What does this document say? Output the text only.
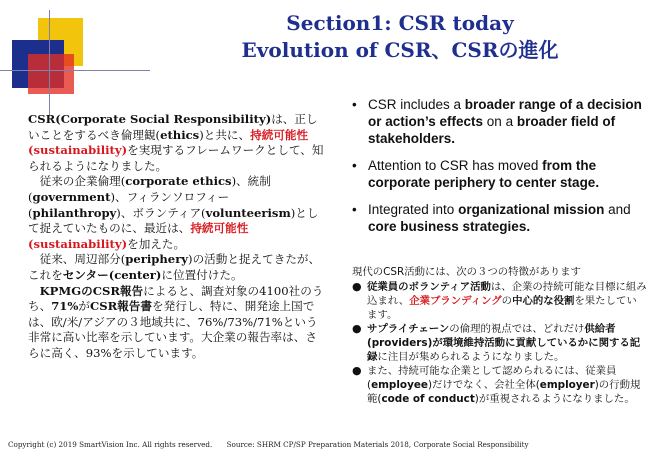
Section1: CSR today
Evolution of CSR、CSRの進化

CSR(Corporate Social Responsibility)は、正しいことをするべき倫理観(ethics)と共に、持続可能性(sustainability)を実現するフレームワークとして、知られるようになりました。

　従来の企業倫理(corporate ethics)、統制(government)、フィランソロフィー(philanthropy)、ボランティア(volunteerism)として捉えていたものに、最近は、持続可能性(sustainability)を加えた。

　従来、周辺部分(periphery)の活動と捉えてきたが、これをセンター(center)に位置付けた。

　KPMGのCSR報告によると、調査対象の4100社のうち、71%がCSR報告書を発行し、特に、開発途上国では、欧/米/アジアの３地域共に、76%/73%/71%という非常に高い比率を示しています。大企業の報告率は、さらに高く、93%を示しています。

• CSR includes a broader range of a decision or action’s effects on a broader field of stakeholders.
• Attention to CSR has moved from the corporate periphery to center stage.
• Integrated into organizational mission and core business strategies.
現代のCSR活動には、次の３つの特徴があります
● 従業員のボランティア活動は、企業の持続可能な目標に組み込まれ、企業ブランディングの中心的な役割を果たしています。
● サプライチェーンの倫理的視点では、どれだけ供給者(providers)が環境維持活動に貢献しているかに関する記録に注目が集められるようになりました。
● また、持続可能な企業として認められるには、従業員(employee)だけでなく、会社全体(employer)の行動規範(code of conduct)が重視されるようになりました。
Copyright (c) 2019 SmartVision Inc. All rights reserved. Source: SHRM CP/SP Preparation Materials 2018, Corporate Social Responsibility
